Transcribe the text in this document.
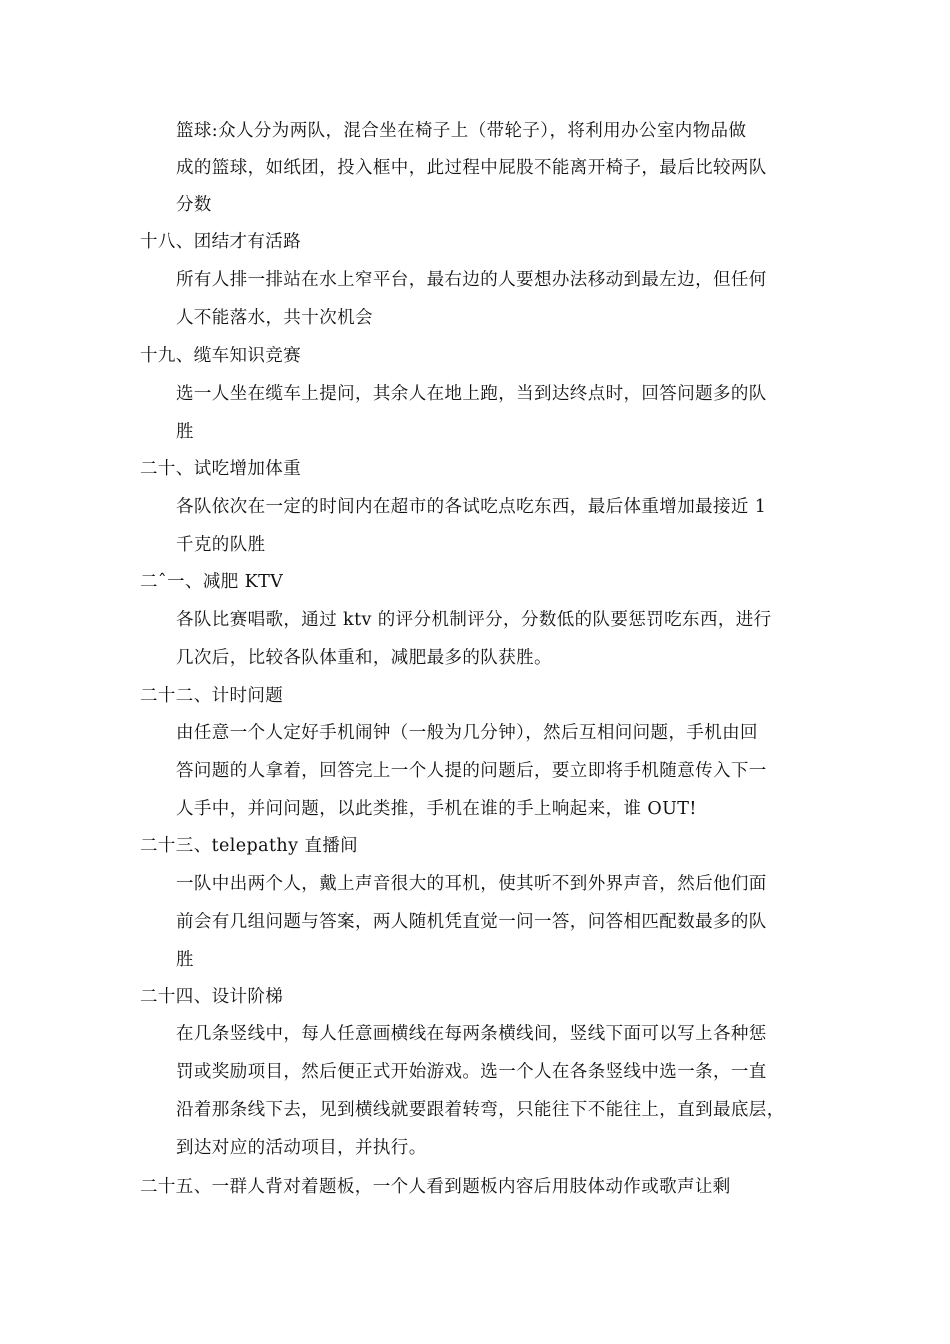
篮球:众人分为两队，混合坐在椅子上（带轮子），将利用办公室内物品做
成的篮球，如纸团，投入框中，此过程中屁股不能离开椅子，最后比较两队
分数
十八、团结才有活路
所有人排一排站在水上窄平台，最右边的人要想办法移动到最左边，但任何
人不能落水，共十次机会
十九、缆车知识竞赛
选一人坐在缆车上提问，其余人在地上跑，当到达终点时，回答问题多的队
胜
二十、试吃增加体重
各队依次在一定的时间内在超市的各试吃点吃东西，最后体重增加最接近 1
千克的队胜
二ˆ一、减肥 KTV
各队比赛唱歌，通过 ktv 的评分机制评分，分数低的队要惩罚吃东西，进行
几次后，比较各队体重和，减肥最多的队获胜。
二十二、计时问题
由任意一个人定好手机闹钟（一般为几分钟），然后互相问问题，手机由回
答问题的人拿着，回答完上一个人提的问题后，要立即将手机随意传入下一
人手中，并问问题，以此类推，手机在谁的手上响起来，谁 OUT!
二十三、telepathy 直播间
一队中出两个人，戴上声音很大的耳机，使其听不到外界声音，然后他们面
前会有几组问题与答案，两人随机凭直觉一问一答，问答相匹配数最多的队
胜
二十四、设计阶梯
在几条竖线中，每人任意画横线在每两条横线间，竖线下面可以写上各种惩
罚或奖励项目，然后便正式开始游戏。选一个人在各条竖线中选一条，一直
沿着那条线下去，见到横线就要跟着转弯，只能往下不能往上，直到最底层，
到达对应的活动项目，并执行。
二十五、一群人背对着题板，一个人看到题板内容后用肢体动作或歌声让剩
